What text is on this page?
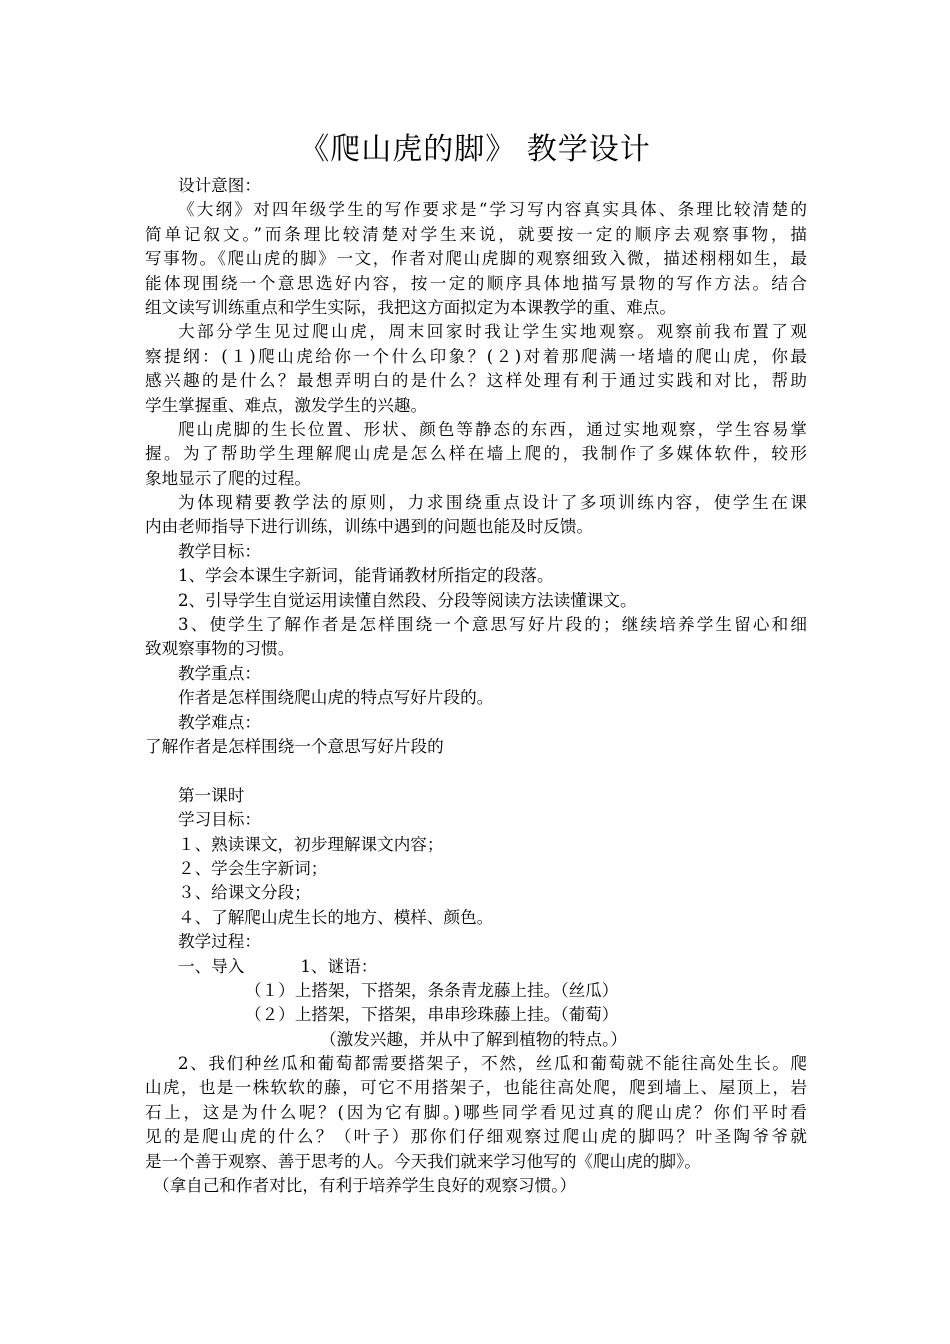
《爬山虎的脚》 教学设计
设计意图：
《大纲》对四年级学生的写作要求是“学习写内容真实具体、条理比较清楚的
简单记叙文。”而条理比较清楚对学生来说，就要按一定的顺序去观察事物，描
写事物。《爬山虎的脚》一文，作者对爬山虎脚的观察细致入微，描述栩栩如生，最
能体现围绕一个意思选好内容，按一定的顺序具体地描写景物的写作方法。结合
组文读写训练重点和学生实际，我把这方面拟定为本课教学的重、难点。
大部分学生见过爬山虎，周末回家时我让学生实地观察。观察前我布置了观
察提纲：(１)爬山虎给你一个什么印象？(２)对着那爬满一堵墙的爬山虎，你最
感兴趣的是什么？最想弄明白的是什么？这样处理有利于通过实践和对比，帮助
学生掌握重、难点，激发学生的兴趣。
爬山虎脚的生长位置、形状、颜色等静态的东西，通过实地观察，学生容易掌
握。为了帮助学生理解爬山虎是怎么样在墙上爬的，我制作了多媒体软件，较形
象地显示了爬的过程。
为体现精要教学法的原则，力求围绕重点设计了多项训练内容，使学生在课
内由老师指导下进行训练，训练中遇到的问题也能及时反馈。
教学目标：
1、学会本课生字新词，能背诵教材所指定的段落。
2、引导学生自觉运用读懂自然段、分段等阅读方法读懂课文。
3、使学生了解作者是怎样围绕一个意思写好片段的；继续培养学生留心和细
致观察事物的习惯。
教学重点：
作者是怎样围绕爬山虎的特点写好片段的。
教学难点：
了解作者是怎样围绕一个意思写好片段的
第一课时
学习目标：
１、熟读课文，初步理解课文内容；
２、学会生字新词；
３、给课文分段；
４、了解爬山虎生长的地方、模样、颜色。
教学过程：
一、导入	1、谜语：
（１）上搭架，下搭架，条条青龙藤上挂。（丝瓜）
（２）上搭架，下搭架，串串珍珠藤上挂。（葡萄）
（激发兴趣，并从中了解到植物的特点。）
2、我们种丝瓜和葡萄都需要搭架子，不然，丝瓜和葡萄就不能往高处生长。爬
山虎，也是一株软软的藤，可它不用搭架子，也能往高处爬，爬到墙上、屋顶上，岩
石上，这是为什么呢？(因为它有脚。)哪些同学看见过真的爬山虎？你们平时看
见的是爬山虎的什么？（叶子）那你们仔细观察过爬山虎的脚吗？叶圣陶爷爷就
是一个善于观察、善于思考的人。今天我们就来学习他写的《爬山虎的脚》。
（拿自己和作者对比，有利于培养学生良好的观察习惯。）
